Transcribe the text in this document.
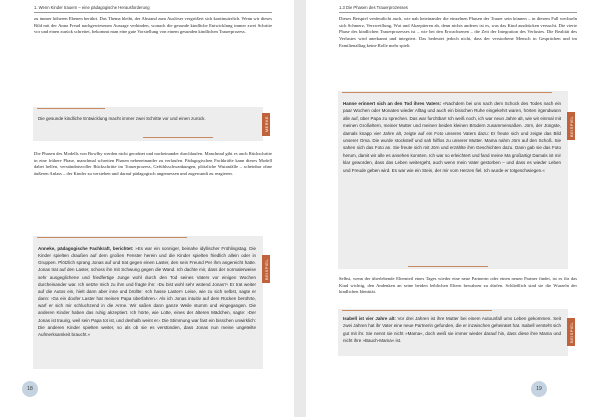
1. Wenn Kinder trauern – eine pädagogische Herausforderung

zu immer höheren Ebenen berührt. Das Thema bleibt, der Abstand zum Auslöser vergrößert sich kontinuierlich. Wenn wir dieses Bild mit der Anna Freud nachgewiesenen Aussage verbinden, wonach die gesunde kindliche Entwicklung immer zwei Schritte vor und einen zurück schreitet, bekommt man eine gute Vorstellung von einem gesunden kindlichen Trauerprozess.

Die gesunde kindliche Entwicklung macht immer zwei Schritte vor und einen zurück.	MERKE

Die Phasen des Modells von Bowlby werden nicht geordnet und nacheinander durchlaufen. Manchmal gibt es auch Rückschritte in eine frühere Phase, manchmal schreiten Phasen nebeneinander zu verlaufen. Pädagogischen Fachkräfte kann dieses Modell dabei helfen, verständnisvoller Rückschritte im Trauerprozess, Gefühlsschwankungen, plötzliche Wutanfälle – scheinbar ohne äußeren Anlass – der Kinder zu verstehen und darauf pädagogisch angemessen und zugewandt zu reagieren.

Anneke, pädagogische Fachkraft, berichtet: »Es war ein sonniger, beinahe idyllischer Frühlingstag. Die Kinder spielten draußen auf dem großen Fenster herein und die Kinder spielten friedlich allein oder in Gruppen. Plötzlich sprang Jonas auf und trat gegen einen Laster, den sein Freund Per ihm angereicht hatte. Jonas trat auf den Laster, schoss ihn mit Schwung gegen die Wand. Ich dachte mir, dass der normalerweise sehr ausgeglichene und friedfertige Junge wohl durch den Tod seines Vaters vor einigen Wochen durcheinander war. Ich setzte mich zu ihm und fragte ihn: ›Du bist wohl sehr wütend Jonas?‹ Er trat weiter auf die Autos ein, hielt dann aber inne und brüllte: ›Ich hasse Laster!‹ Leise, wie zu sich selbst, sagte er dann: ›Ga ein doofer Laster hat meinen Papa überfahren.‹ Als ich Jonas intuitiv auf dem Rücken berührte, warf er sich mir schluchzend in die Arme. Wir saßen dann ganze Weile stumm und eingegangen. Die anderen Kinder haben das ruhig akzeptiert. Ich hörte, wie Lotte, eines der älteren Mädchen, sagte: ›Der Jonas ist traurig, weil sein Papa tot ist, und deshalb weint er.‹ Die Stimmung war fast ein bisschen unwirklich: Die anderen Kinder spielten weiter, so als ob sie es verstünden, dass Jonas nun meine ungeteilte Aufmerksamkeit braucht.«

BEISPIEL
18
1.3 Die Phasen des Trauerprozesses

Dieses Beispiel verdeutlicht auch, wie nah beieinander die einzelnen Phasen der Trauer sein können – in diesem Fall wechseln sich Schmerz, Verzweiflung, Wut und Akzeptieren ab, denn nichts anderes ist es, was das Kind ausdrücken versucht. Die vierte Phase des kindlichen Trauerprozesses ist – wie bei den Erwachsenen – die Zeit der Integration des Verlustes. Die Realität des Verlustes wird anerkannt und integriert. Das bedeutet jedoch nicht, dass der verstorbene Mensch in Gesprächen und im Familienalltag keine Rolle mehr spielt.

Hanne erinnert sich an den Tod ihres Vaters: »Nachdem bei uns nach dem Schock des Todes nach ein paar Wochen oder Monaten wieder Alltag und auch ein bisschen Ruhe eingekehrt waren, hörten irgendwann alle auf, über Papa zu sprechen. Das war furchtbar! Ich weiß noch, ich war neun Jahre alt, wie wir einmal mit meinen Großeltern, meiner Mutter und meinen beiden kleinen Brüdern zusammensaßen. Jörn, der Jüngste, damals knapp vier Jahre alt, zeigte auf ein Foto unseres Vaters dazu: Er freute sich und zeigte das Bild unserer Oma. Die wurde stocksteif und sah hilflos zu unserer Mutter. Mama nahm Jörn auf den Schoß. Sie sahen sich das Foto an. Sie freute sich mit Jörn und erzählte ihm Geschichten dazu. Dann gab sie das Foto herum, damit wir alle es ansehen konnten. Ich war so erleichtert und fand meine Ma großartig! Damals ist mir klar geworden, dass das Leben weitergeht, auch wenn mein Vater gestorben – und dass es wieder Leben und Freude geben wird. Es war wie ein Stein, der mir vom Herzen fiel. Ich wurde er totgeschwiegen.«

BEISPIEL

Selbst, wenn der überlebende Elternteil eines Tages wieder eine neue Partnerin oder einen neuen Partner findet, ist es für das Kind wichtig, den Andenken an seine beiden leiblichen Eltern bewahren zu dürfen. Schließlich sind sie die Wurzeln der kindlichen Identität.

Isabell ist vier Jahre alt: Vor drei Jahren ist ihre Mutter bei einem Autounfall ums Leben gekommen. Seit zwei Jahren hat ihr Vater eine neue Partnerin gefunden, die er inzwischen geheiratet hat. Isabell versteht sich gut mit ihr. Sie nennt sie nicht »Mama«, doch weiß sie immer wieder darauf hin, dass diese ihre Mama und nicht ihre »Bauch-Mama« ist.	BEISPIEL
19
